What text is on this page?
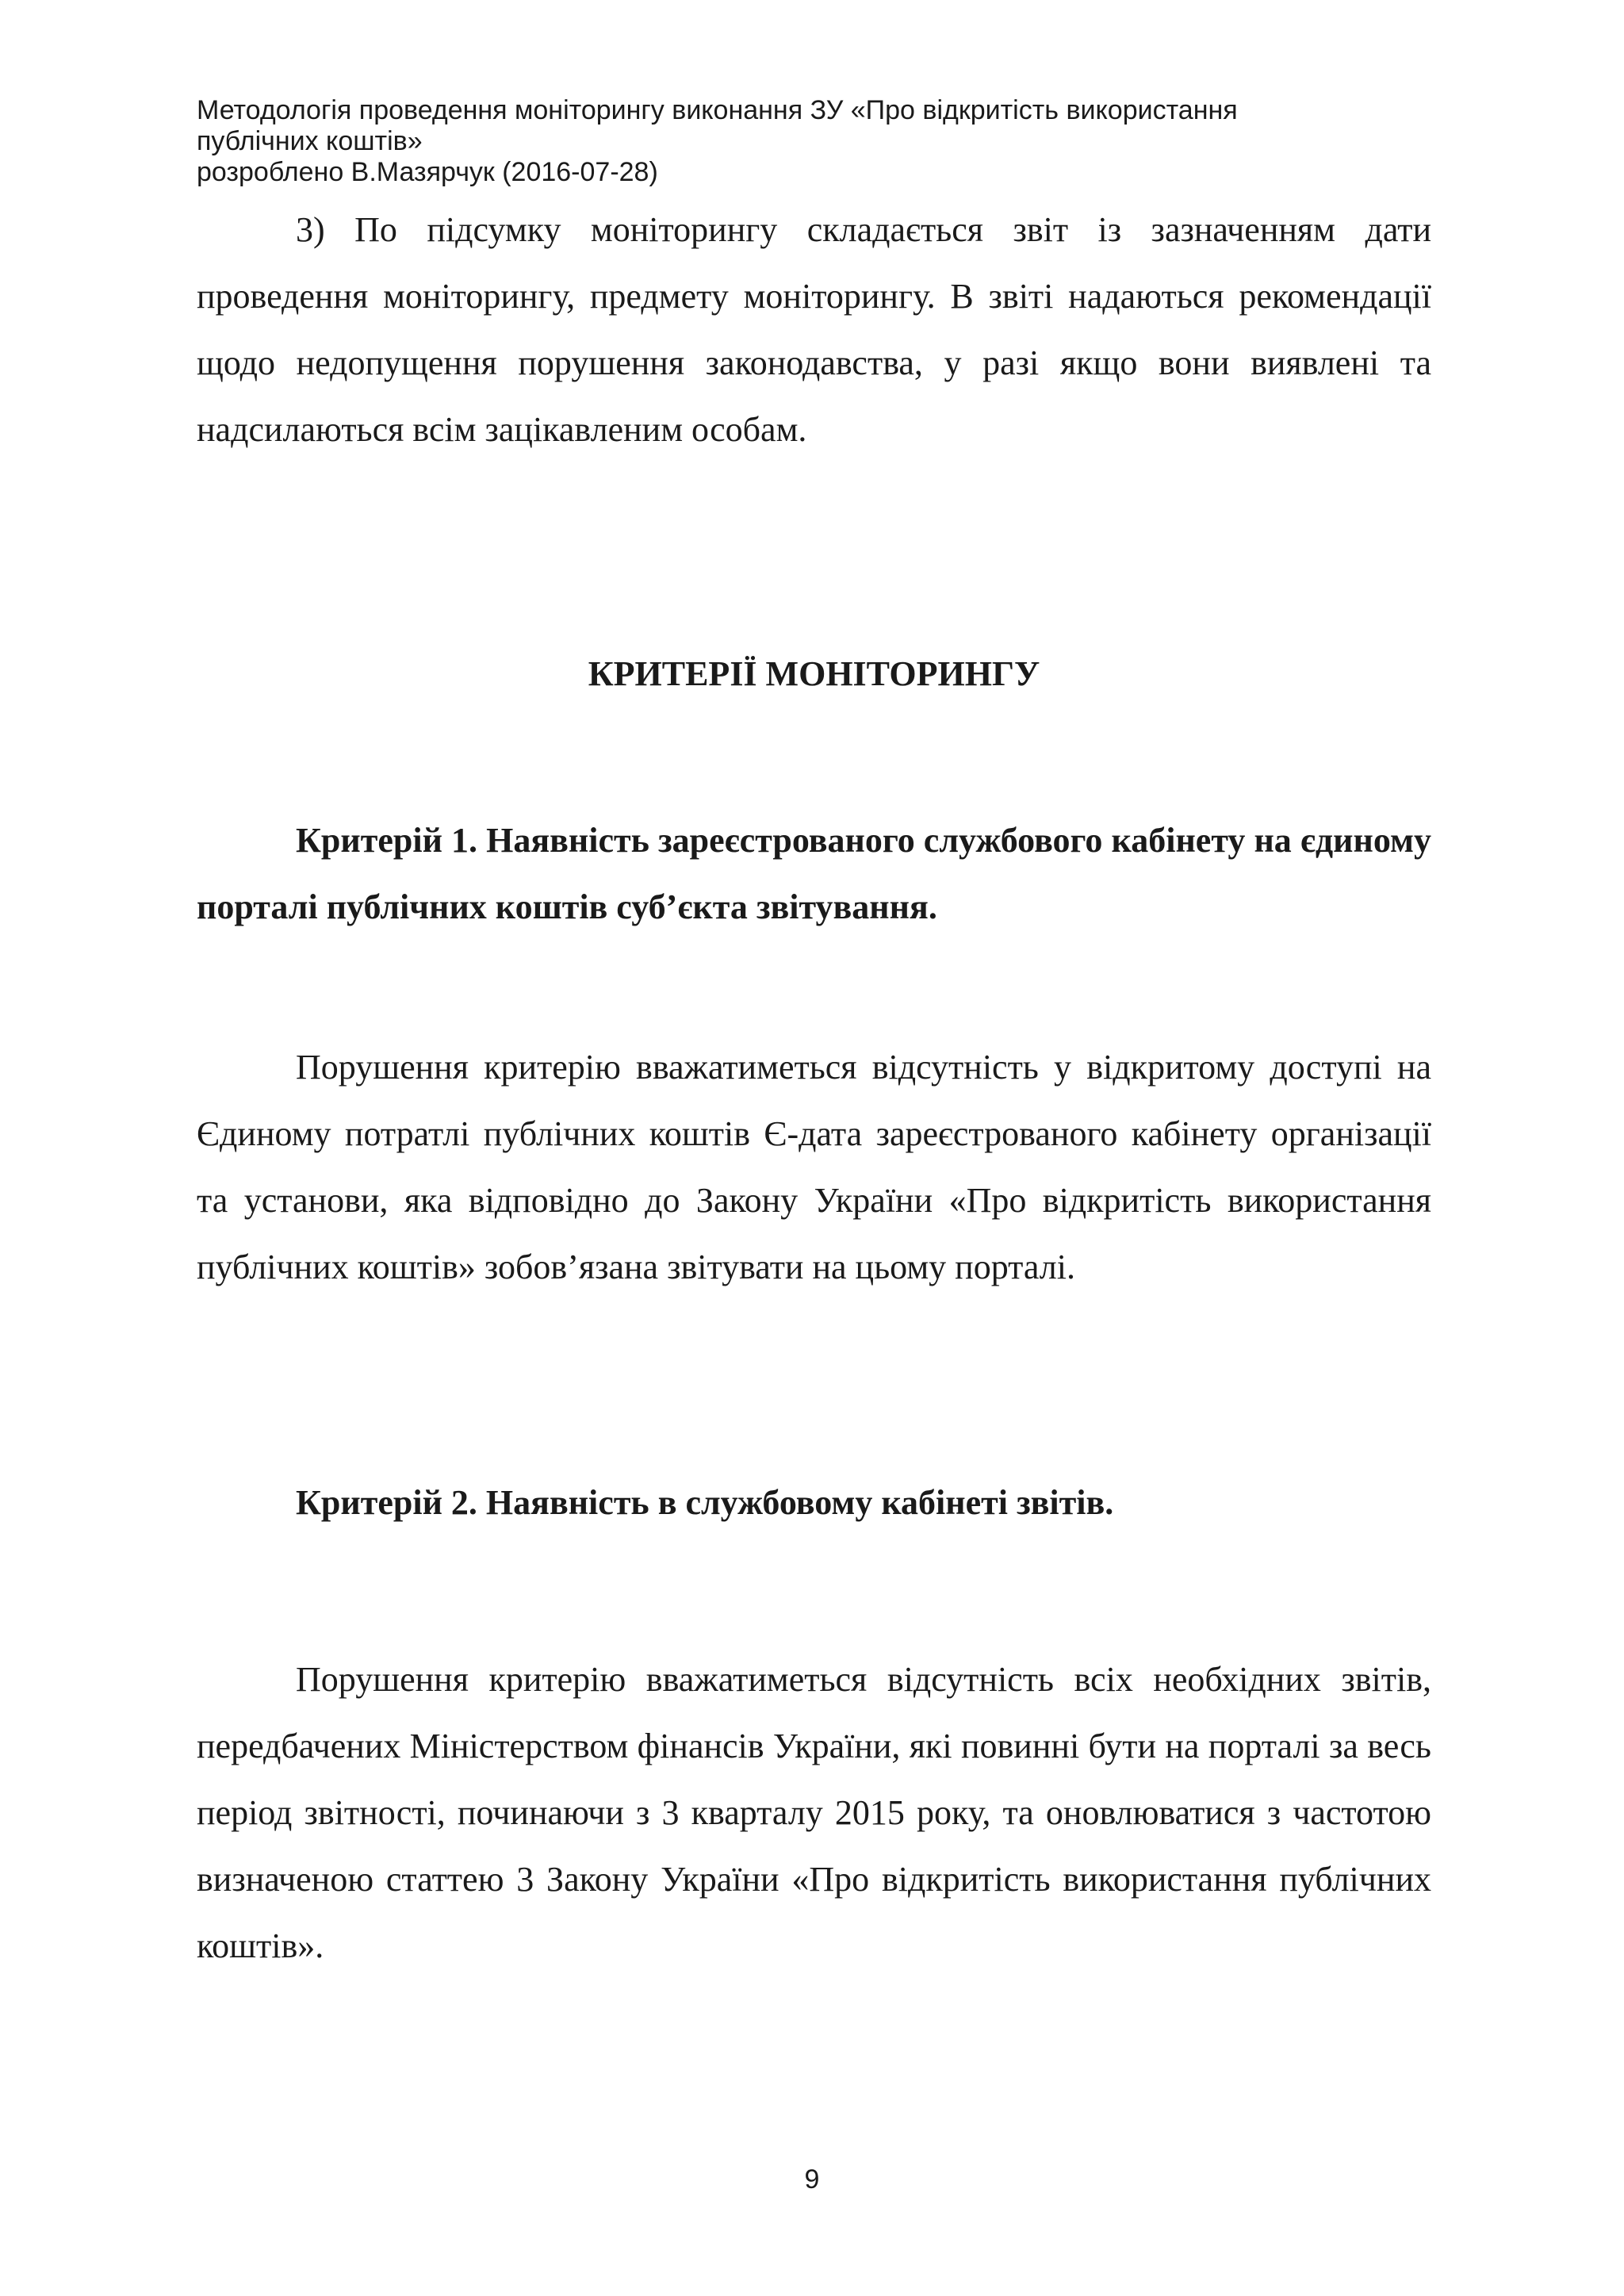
Методологія проведення моніторингу виконання ЗУ «Про відкритість використання
публічних коштів»
розроблено В.Мазярчук (2016-07-28)

3) По підсумку моніторингу складається звіт із зазначенням дати проведення моніторингу, предмету моніторингу. В звіті надаються рекомендації щодо недопущення порушення законодавства, у разі якщо вони виявлені та надсилаються всім зацікавленим особам.

КРИТЕРІЇ МОНІТОРИНГУ

Критерій 1. Наявність зареєстрованого службового кабінету на єдиному порталі публічних коштів суб’єкта звітування.

Порушення критерію вважатиметься відсутність у відкритому доступі на Єдиному потратлі публічних коштів Є-дата зареєстрованого кабінету організації та установи, яка відповідно до Закону України «Про відкритість використання публічних коштів» зобов’язана звітувати на цьому порталі.

Критерій 2. Наявність в службовому кабінеті звітів.

Порушення критерію вважатиметься відсутність всіх необхідних звітів, передбачених Міністерством фінансів України, які повинні бути на порталі за весь період звітності, починаючи з 3 кварталу 2015 року, та оновлюватися з частотою визначеною статтею 3 Закону України «Про відкритість використання публічних коштів».

9
